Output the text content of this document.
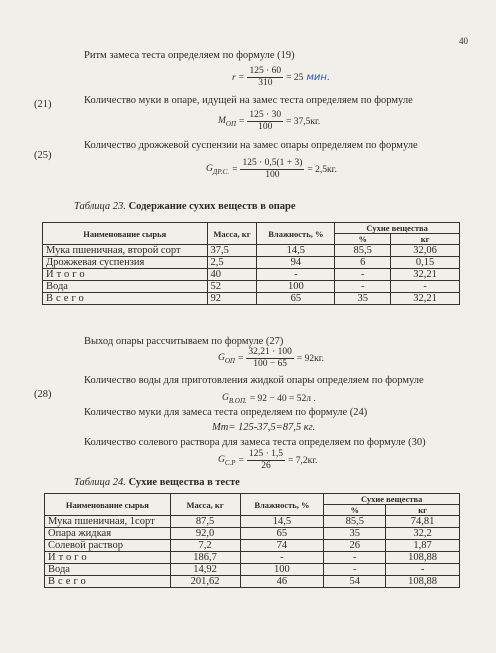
40
Ритм замеса теста определяем по формуле (19)
$r = \frac{125 \cdot 60}{310} = 25$ мин.
(21)	Количество муки в опаре, идущей на замес теста определяем по формуле
$M_{ОП} = \frac{125 \cdot 30}{100} = 37,5кг$.
(25)
Количество дрожжевой суспензии на замес опары определяем по формуле
$G_{ДР.С.} = \frac{125 \cdot 0,5(1 + 3)}{100} = 2,5кг$.
Таблица 23. Содержание сухих веществ в опаре
Наименование сырья	Масса, кг	Влажность, %	Сухие вещества	
			%	кг
Мука пшеничная, второй сорт	37,5	14,5	85,5	32,06
Дрожжевая суспензия	2,5	94	6	0,15
Итого	40	-	-	32,21
Вода	52	100	-	-
Всего	92	65	35	32,21
Выход опары рассчитываем по формуле (27)
$G_{ОП} = \frac{32,21 \cdot 100}{100 - 65} = 92кг$.
Количество воды для приготовления жидкой опары определяем по формуле
(28)	$G_{В.ОП.} = 92 - 40 = 52л$ .
Количество муки для замеса теста определяем по формуле (24)
Мт= 125-37,5=87,5 кг.
Количество солевого раствора для замеса теста определяем по формуле (30)
$G_{С.Р} = \frac{125 \cdot 1,5}{26} = 7,2кг$.
Таблица 24. Сухие вещества в тесте
Наименование сырья	Масса, кг	Влажность, %	Сухие вещества	
			%	кг
Мука пшеничная, 1сорт	87,5	14,5	85,5	74,81
Опара жидкая	92,0	65	35	32,2
Солевой раствор	7,2	74	26	1,87
Итого	186,7	-	-	108,88
Вода	14,92	100	-	-
Всего	201,62	46	54	108,88
